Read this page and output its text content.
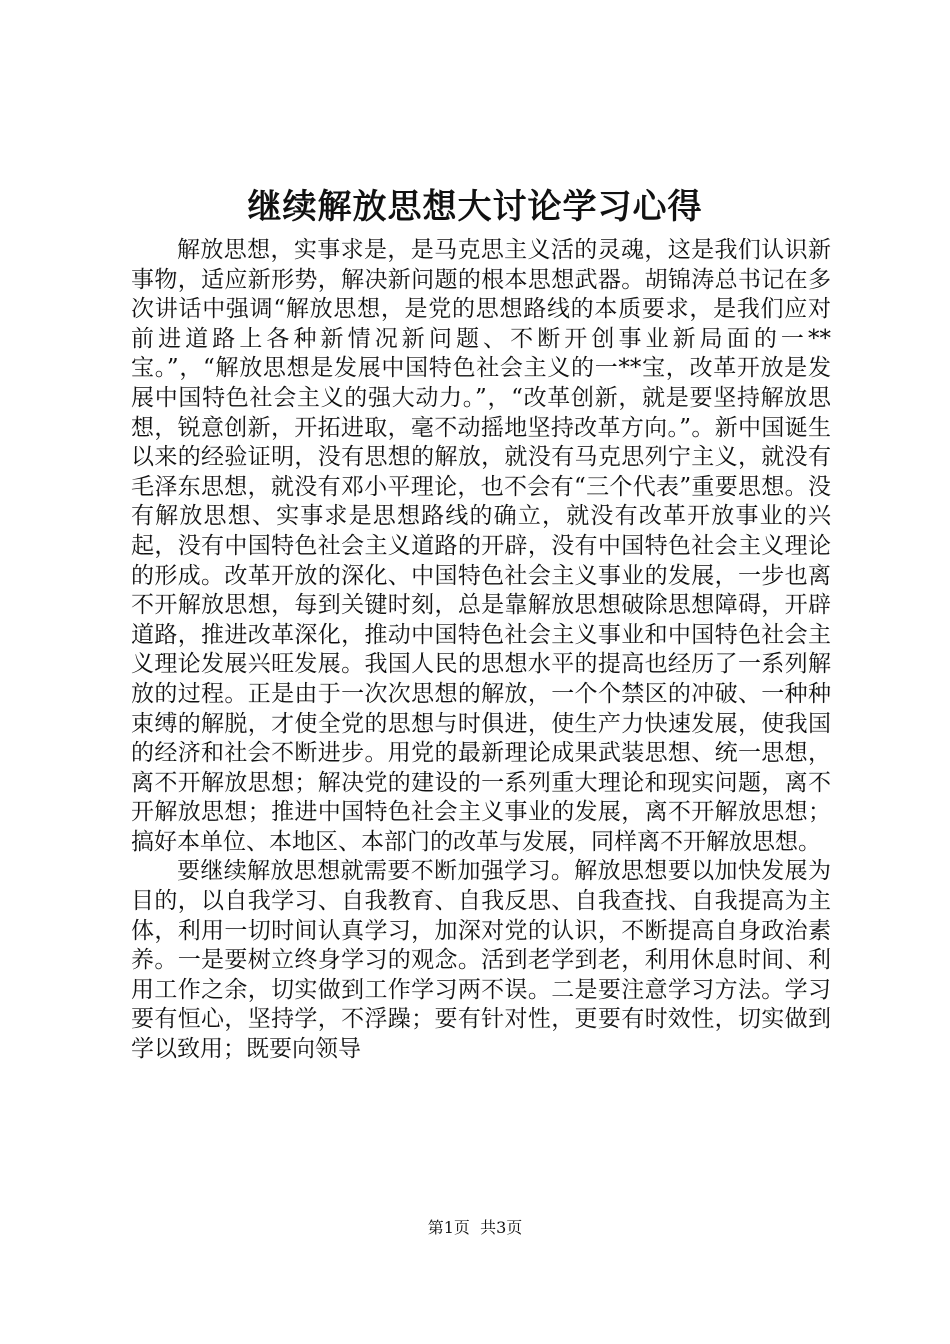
继续解放思想大讨论学习心得

解放思想，实事求是，是马克思主义活的灵魂，这是我们认识新事物，适应新形势，解决新问题的根本思想武器。胡锦涛总书记在多次讲话中强调“解放思想，是党的思想路线的本质要求，是我们应对前进道路上各种新情况新问题、不断开创事业新局面的一**宝。”，“解放思想是发展中国特色社会主义的一**宝，改革开放是发展中国特色社会主义的强大动力。”，“改革创新，就是要坚持解放思想，锐意创新，开拓进取，毫不动摇地坚持改革方向。”。新中国诞生以来的经验证明，没有思想的解放，就没有马克思列宁主义，就没有毛泽东思想，就没有邓小平理论，也不会有“三个代表”重要思想。没有解放思想、实事求是思想路线的确立，就没有改革开放事业的兴起，没有中国特色社会主义道路的开辟，没有中国特色社会主义理论的形成。改革开放的深化、中国特色社会主义事业的发展，一步也离不开解放思想，每到关键时刻，总是靠解放思想破除思想障碍，开辟道路，推进改革深化，推动中国特色社会主义事业和中国特色社会主义理论发展兴旺发展。我国人民的思想水平的提高也经历了一系列解放的过程。正是由于一次次思想的解放，一个个禁区的冲破、一种种束缚的解脱，才使全党的思想与时俱进，使生产力快速发展，使我国的经济和社会不断进步。用党的最新理论成果武装思想、统一思想，离不开解放思想；解决党的建设的一系列重大理论和现实问题，离不开解放思想；推进中国特色社会主义事业的发展，离不开解放思想；搞好本单位、本地区、本部门的改革与发展，同样离不开解放思想。

要继续解放思想就需要不断加强学习。解放思想要以加快发展为目的，以自我学习、自我教育、自我反思、自我查找、自我提高为主体，利用一切时间认真学习，加深对党的认识，不断提高自身政治素养。一是要树立终身学习的观念。活到老学到老，利用休息时间、利用工作之余，切实做到工作学习两不误。二是要注意学习方法。学习要有恒心，坚持学，不浮躁；要有针对性，更要有时效性，切实做到学以致用；既要向领导

第1页 共3页
